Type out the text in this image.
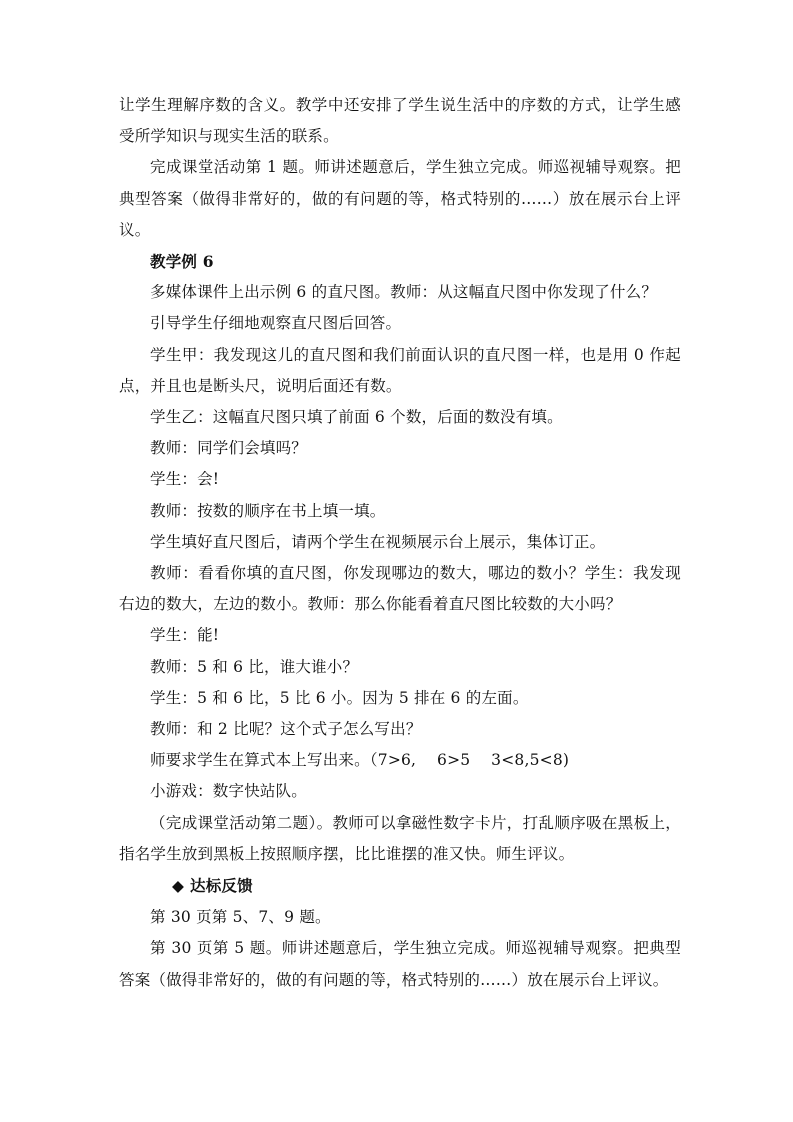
让学生理解序数的含义。教学中还安排了学生说生活中的序数的方式，让学生感受所学知识与现实生活的联系。

完成课堂活动第 1 题。师讲述题意后，学生独立完成。师巡视辅导观察。把典型答案（做得非常好的，做的有问题的等，格式特别的……）放在展示台上评议。

教学例 6

多媒体课件上出示例 6 的直尺图。教师：从这幅直尺图中你发现了什么？

引导学生仔细地观察直尺图后回答。

学生甲：我发现这儿的直尺图和我们前面认识的直尺图一样，也是用 0 作起点，并且也是断头尺，说明后面还有数。

学生乙：这幅直尺图只填了前面 6 个数，后面的数没有填。

教师：同学们会填吗？

学生：会!

教师：按数的顺序在书上填一填。

学生填好直尺图后，请两个学生在视频展示台上展示，集体订正。

教师：看看你填的直尺图，你发现哪边的数大，哪边的数小？学生：我发现右边的数大，左边的数小。教师：那么你能看着直尺图比较数的大小吗？

学生：能!

教师：5 和 6 比，谁大谁小？

学生：5 和 6 比，5 比 6 小。因为 5 排在 6 的左面。

教师：和 2 比呢？这个式子怎么写出？

师要求学生在算式本上写出来。（7>6,　 6>5　 3<8,5<8)

小游戏：数字快站队。

（完成课堂活动第二题）。教师可以拿磁性数字卡片，打乱顺序吸在黑板上，指名学生放到黑板上按照顺序摆，比比谁摆的准又快。师生评议。

◆ 达标反馈

第 30 页第 5、7、9 题。

第 30 页第 5 题。师讲述题意后，学生独立完成。师巡视辅导观察。把典型答案（做得非常好的，做的有问题的等，格式特别的……）放在展示台上评议。
